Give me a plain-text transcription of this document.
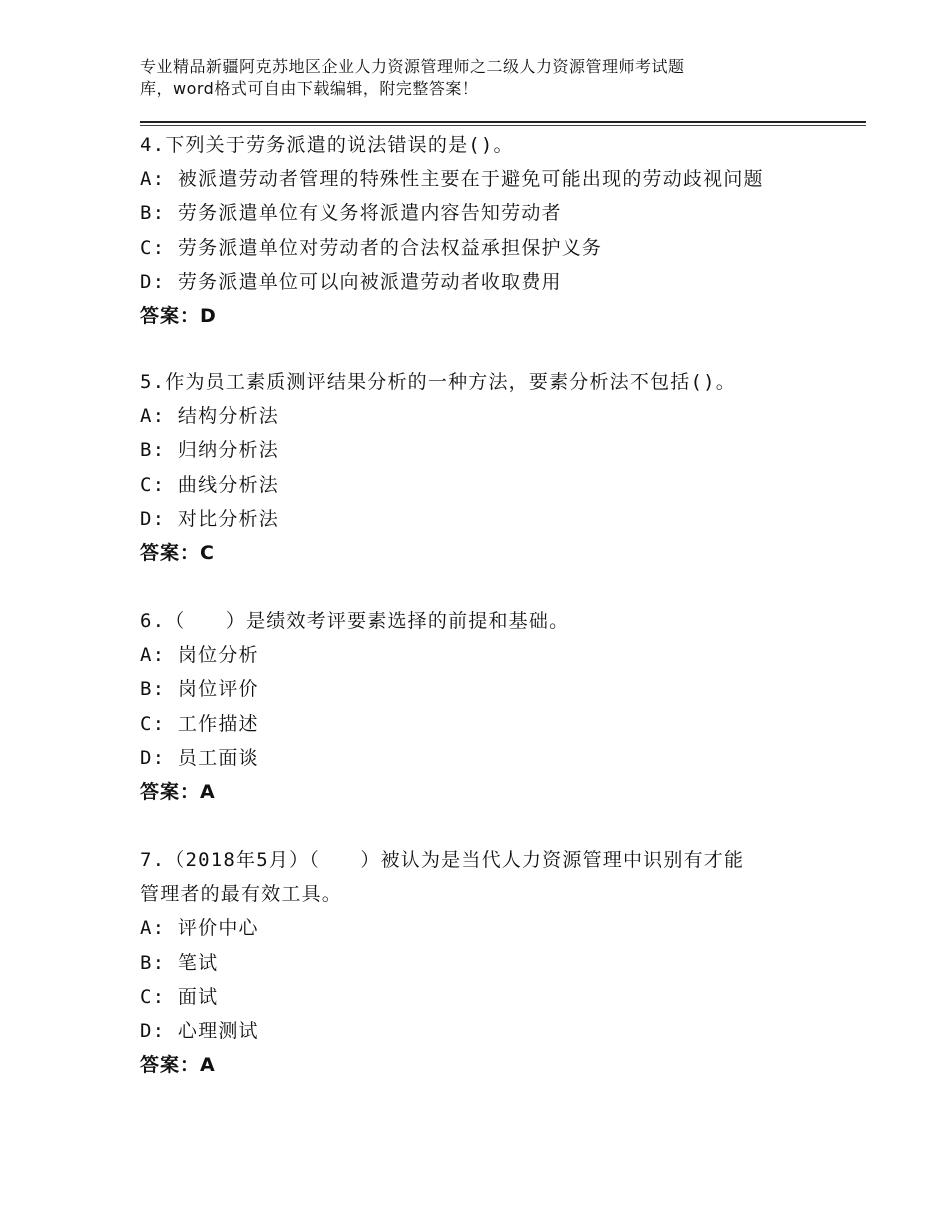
专业精品新疆阿克苏地区企业人力资源管理师之二级人力资源管理师考试题
库，word格式可自由下载编辑，附完整答案！
4.下列关于劳务派遣的说法错误的是()。
A: 被派遣劳动者管理的特殊性主要在于避免可能出现的劳动歧视问题
B: 劳务派遣单位有义务将派遣内容告知劳动者
C: 劳务派遣单位对劳动者的合法权益承担保护义务
D: 劳务派遣单位可以向被派遣劳动者收取费用
答案：D
5.作为员工素质测评结果分析的一种方法，要素分析法不包括()。
A: 结构分析法
B: 归纳分析法
C: 曲线分析法
D: 对比分析法
答案：C
6.（　　）是绩效考评要素选择的前提和基础。
A: 岗位分析
B: 岗位评价
C: 工作描述
D: 员工面谈
答案：A
7.（2018年5月）（　　）被认为是当代人力资源管理中识别有才能
管理者的最有效工具。
A: 评价中心
B: 笔试
C: 面试
D: 心理测试
答案：A
